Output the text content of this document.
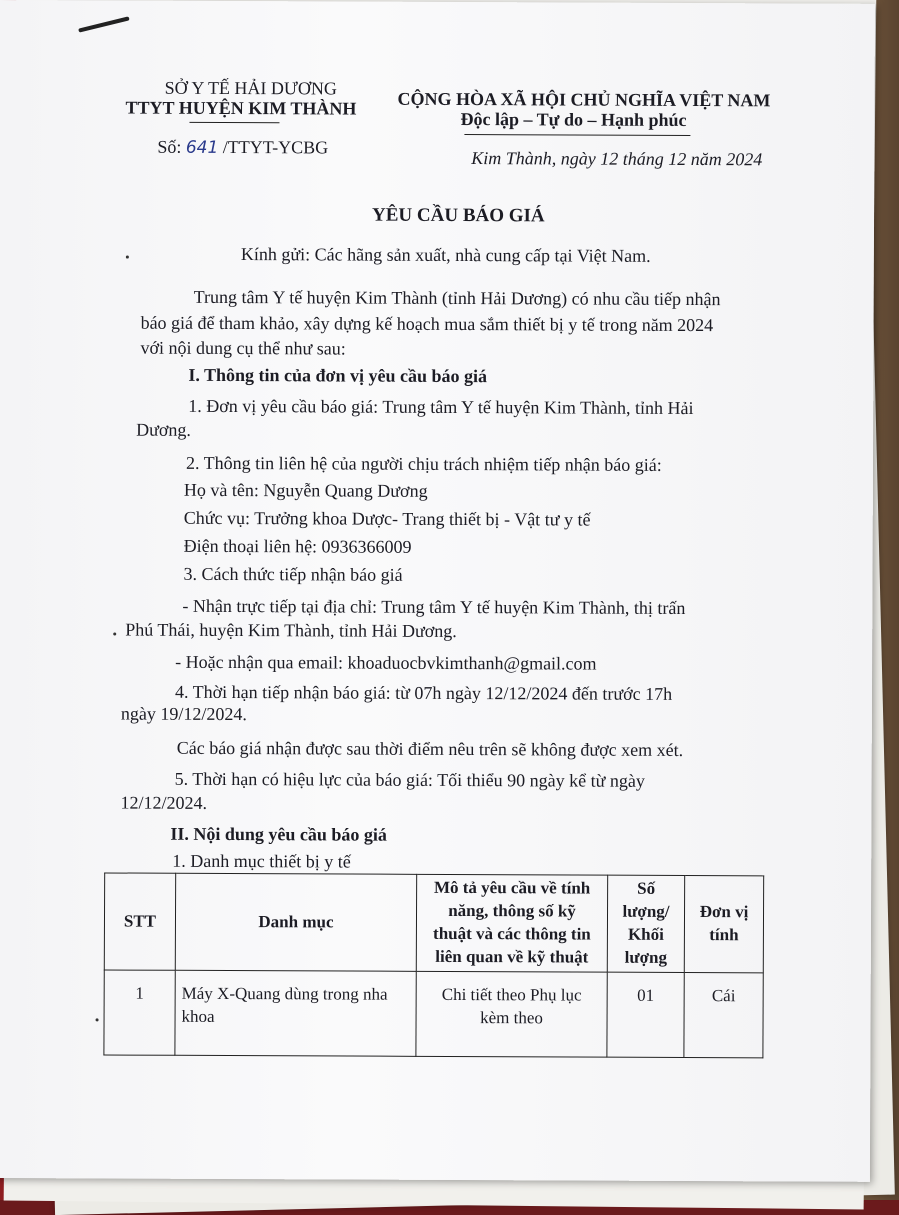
SỞ Y TẾ HẢI DƯƠNG
TTYT HUYỆN KIM THÀNH
Số: 641 /TTYT-YCBG
CỘNG HÒA XÃ HỘI CHỦ NGHĨA VIỆT NAM
Độc lập – Tự do – Hạnh phúc
Kim Thành, ngày 12 tháng 12 năm 2024
YÊU CẦU BÁO GIÁ
Kính gửi: Các hãng sản xuất, nhà cung cấp tại Việt Nam.
Trung tâm Y tế huyện Kim Thành (tỉnh Hải Dương) có nhu cầu tiếp nhận
báo giá để tham khảo, xây dựng kế hoạch mua sắm thiết bị y tế trong năm 2024
với nội dung cụ thể như sau:
I. Thông tin của đơn vị yêu cầu báo giá
1. Đơn vị yêu cầu báo giá: Trung tâm Y tế huyện Kim Thành, tỉnh Hải
Dương.
2. Thông tin liên hệ của người chịu trách nhiệm tiếp nhận báo giá:
Họ và tên: Nguyễn Quang Dương
Chức vụ: Trưởng khoa Dược- Trang thiết bị - Vật tư y tế
Điện thoại liên hệ: 0936366009
3. Cách thức tiếp nhận báo giá
- Nhận trực tiếp tại địa chỉ: Trung tâm Y tế huyện Kim Thành, thị trấn
Phú Thái, huyện Kim Thành, tỉnh Hải Dương.
- Hoặc nhận qua email: khoaduocbvkimthanh@gmail.com
4. Thời hạn tiếp nhận báo giá: từ 07h ngày 12/12/2024 đến trước 17h
ngày 19/12/2024.
Các báo giá nhận được sau thời điểm nêu trên sẽ không được xem xét.
5. Thời hạn có hiệu lực của báo giá: Tối thiểu 90 ngày kể từ ngày
12/12/2024.
II. Nội dung yêu cầu báo giá
1. Danh mục thiết bị y tế
STT	Danh mục	Mô tả yêu cầu về tính
năng, thông số kỹ
thuật và các thông tin
liên quan về kỹ thuật	Số
lượng/
Khối
lượng	Đơn vị
tính
1	Máy X-Quang dùng trong nha
khoa	Chi tiết theo Phụ lục
kèm theo	01	Cái
